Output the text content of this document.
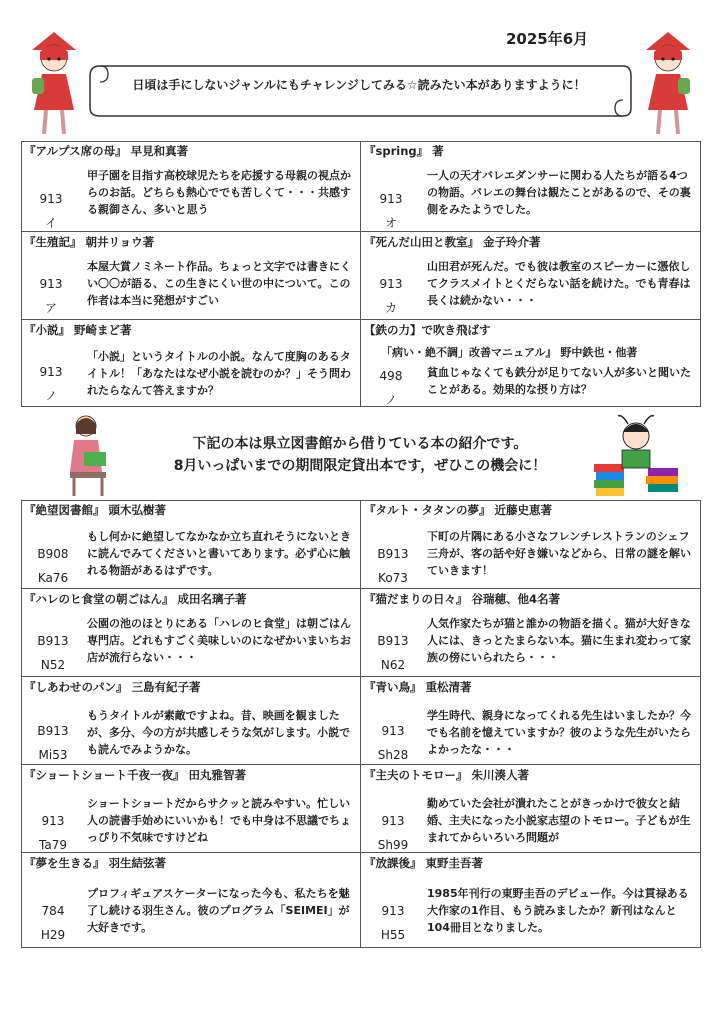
2025年6月
日頃は手にしないジャンルにもチャレンジしてみる☆読みたい本がありますように！
『アルプス席の母』 早見和真著
913
イ
甲子園を目指す高校球児たちを応援する母親の視点からのお話。どちらも熱心ででも苦しくて・・・共感する親御さん、多いと思う
『spring』 著
913
オ
一人の天才バレエダンサーに関わる人たちが語る4つの物語。バレエの舞台は観たことがあるので、その裏側をみたようでした。
『生殖記』 朝井リョウ著
913
ア
本屋大賞ノミネート作品。ちょっと文字では書きにくい〇〇が語る、この生きにくい世の中について。この作者は本当に発想がすごい
『死んだ山田と教室』 金子玲介著
913
カ
山田君が死んだ。でも彼は教室のスピーカーに憑依してクラスメイトとくだらない話を続けた。でも青春は長くは続かない・・・
『小説』 野崎まど著
913
ノ
「小説」というタイトルの小説。なんて度胸のあるタイトル！「あなたはなぜ小説を読むのか？」そう問われたらなんて答えますか？
【鉄の力】で吹き飛ばす
「病い・絶不調」改善マニュアル』 野中鉄也・他著
498
ノ
貧血じゃなくても鉄分が足りてない人が多いと聞いたことがある。効果的な摂り方は？
下記の本は県立図書館から借りている本の紹介です。
8月いっぱいまでの期間限定貸出本です，ぜひこの機会に！
『絶望図書館』 頭木弘樹著
B908
Ka76
もし何かに絶望してなかなか立ち直れそうにないときに読んでみてくださいと書いてあります。必ず心に触れる物語があるはずです。
『タルト・タタンの夢』 近藤史恵著
B913
Ko73
下町の片隅にある小さなフレンチレストランのシェフ三舟が、客の話や好き嫌いなどから、日常の謎を解いていきます！
『ハレのヒ食堂の朝ごはん』 成田名璃子著
B913
N52
公園の池のほとりにある「ハレのヒ食堂」は朝ごはん専門店。どれもすごく美味しいのになぜかいまいちお店が流行らない・・・
『猫だまりの日々』 谷瑞穂、他4名著
B913
N62
人気作家たちが猫と誰かの物語を描く。猫が大好きな人には、きっとたまらない本。猫に生まれ変わって家族の傍にいられたら・・・
『しあわせのパン』 三島有紀子著
B913
Mi53
もうタイトルが素敵ですよね。昔、映画を観ましたが、多分、今の方が共感しそうな気がします。小説でも読んでみようかな。
『青い鳥』 重松清著
913
Sh28
学生時代、親身になってくれる先生はいましたか？今でも名前を憶えていますか？彼のような先生がいたらよかったな・・・
『ショートショート千夜一夜』 田丸雅智著
913
Ta79
ショートショートだからサクッと読みやすい。忙しい人の読書手始めにいいかも！でも中身は不思議でちょっぴり不気味ですけどね
『主夫のトモロー』 朱川湊人著
913
Sh99
勤めていた会社が潰れたことがきっかけで彼女と結婚、主夫になった小説家志望のトモロー。子どもが生まれてからいろいろ問題が
『夢を生きる』 羽生結弦著
784
H29
プロフィギュアスケーターになった今も、私たちを魅了し続ける羽生さん。彼のプログラム「SEIMEI」が大好きです。
『放課後』 東野圭吾著
913
H55
1985年刊行の東野圭吾のデビュー作。今は貫禄ある大作家の1作目、もう読みましたか？新刊はなんと104冊目となりました。
